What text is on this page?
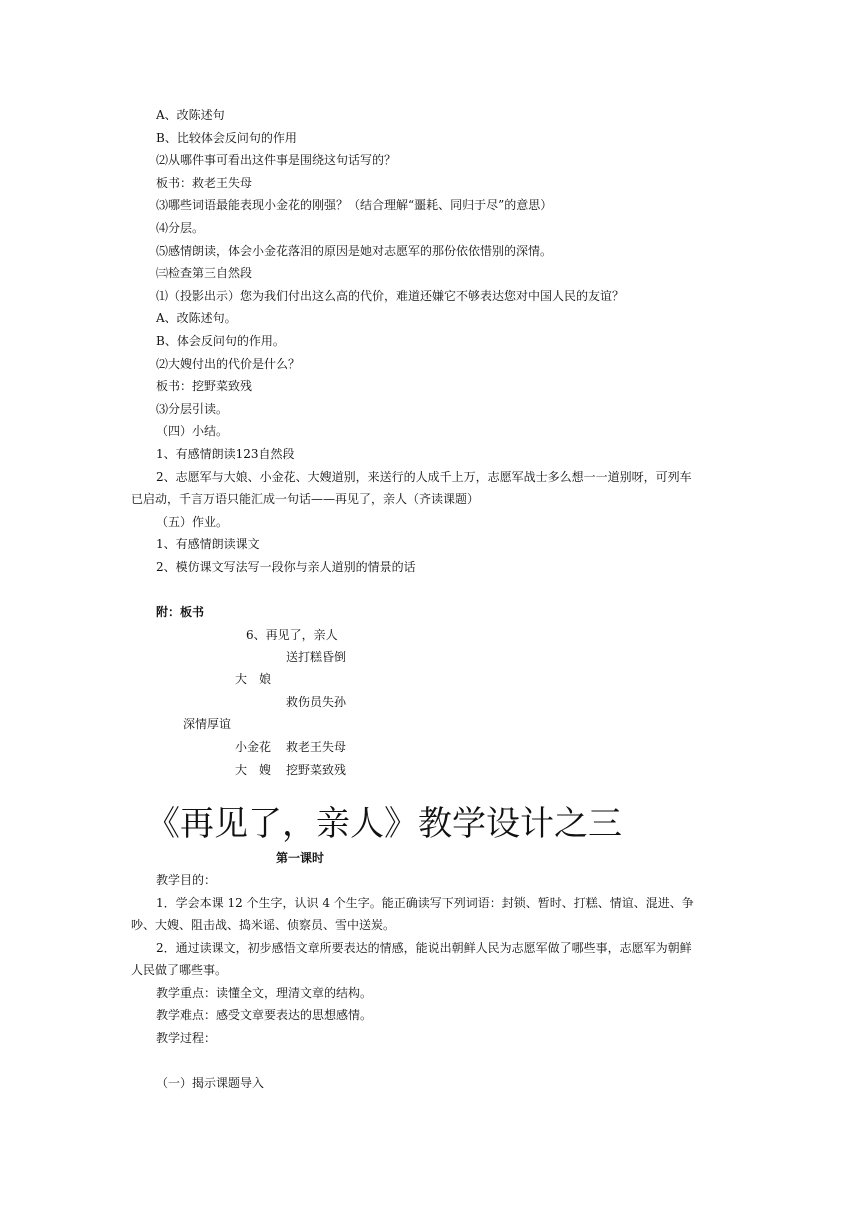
A、改陈述句
B、比较体会反问句的作用
⑵从哪件事可看出这件事是围绕这句话写的？
板书：救老王失母
⑶哪些词语最能表现小金花的刚强？（结合理解“噩耗、同归于尽”的意思）
⑷分层。
⑸感情朗读，体会小金花落泪的原因是她对志愿军的那份依依惜别的深情。
㈢检查第三自然段
⑴（投影出示）您为我们付出这么高的代价，难道还嫌它不够表达您对中国人民的友谊？
A、改陈述句。
B、体会反问句的作用。
⑵大嫂付出的代价是什么？
板书：挖野菜致残
⑶分层引读。
（四）小结。
1、有感情朗读123自然段
2、志愿军与大娘、小金花、大嫂道别，来送行的人成千上万，志愿军战士多么想一一道别呀，可列车
已启动，千言万语只能汇成一句话——再见了，亲人（齐读课题）
（五）作业。
1、有感情朗读课文
2、模仿课文写法写一段你与亲人道别的情景的话
附：板书
6、再见了，亲人
送打糕昏倒
大　娘
救伤员失孙
深情厚谊
小金花 救老王失母
大　嫂 挖野菜致残
《再见了，亲人》教学设计之三
第一课时
教学目的：
1．学会本课 12 个生字，认识 4 个生字。能正确读写下列词语：封锁、暂时、打糕、情谊、混进、争
吵、大嫂、阻击战、捣米谣、侦察员、雪中送炭。
2．通过读课文，初步感悟文章所要表达的情感，能说出朝鲜人民为志愿军做了哪些事，志愿军为朝鲜
人民做了哪些事。
教学重点：读懂全文，理清文章的结构。
教学难点：感受文章要表达的思想感情。
教学过程：
（一）揭示课题导入
